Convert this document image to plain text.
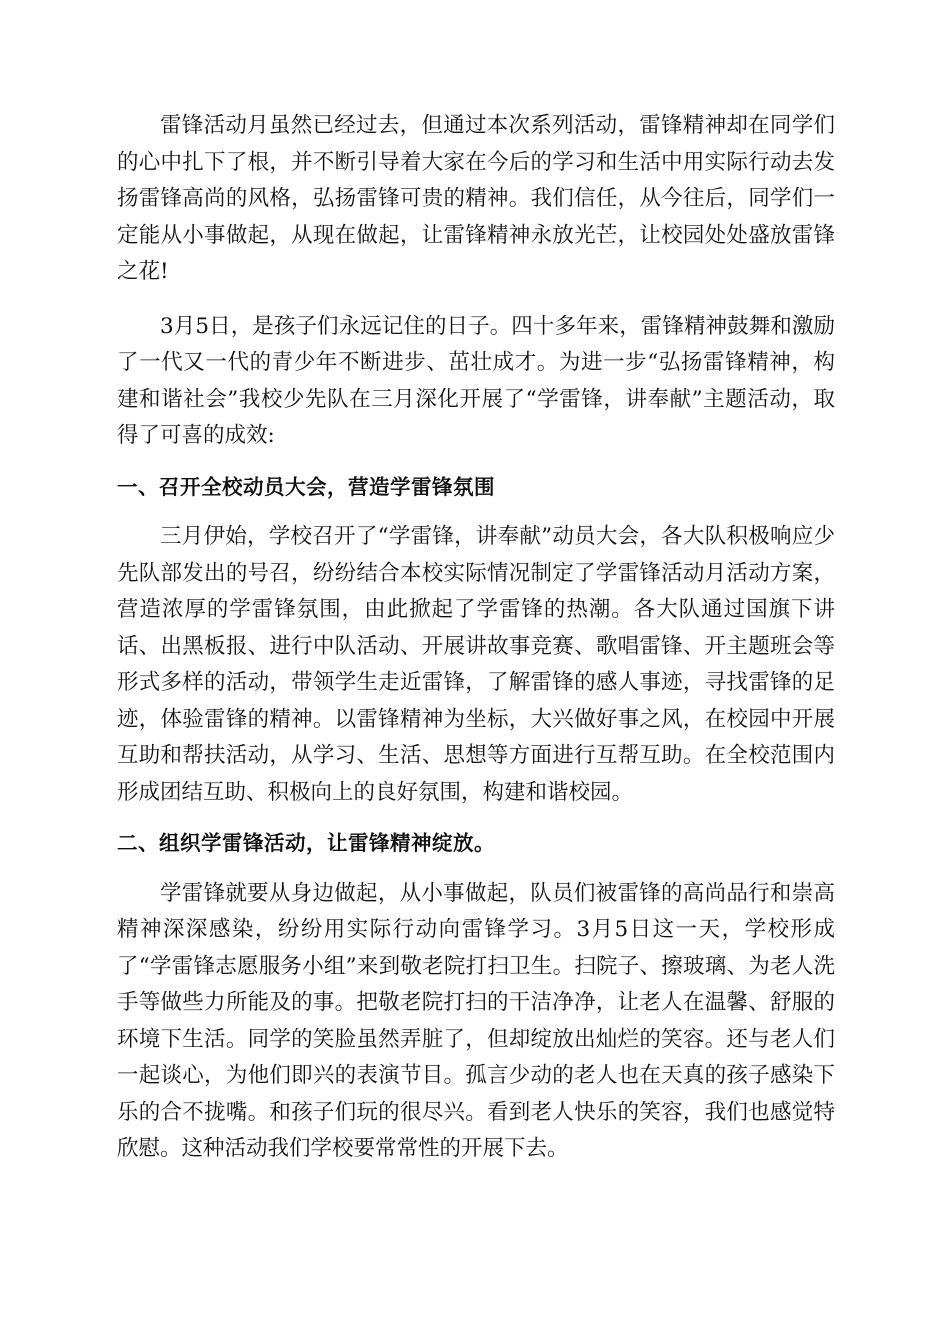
雷锋活动月虽然已经过去，但通过本次系列活动，雷锋精神却在同学们的心中扎下了根，并不断引导着大家在今后的学习和生活中用实际行动去发扬雷锋高尚的风格，弘扬雷锋可贵的精神。我们信任，从今往后，同学们一定能从小事做起，从现在做起，让雷锋精神永放光芒，让校园处处盛放雷锋之花!

3月5日，是孩子们永远记住的日子。四十多年来，雷锋精神鼓舞和激励了一代又一代的青少年不断进步、茁壮成才。为进一步“弘扬雷锋精神，构建和谐社会”我校少先队在三月深化开展了“学雷锋，讲奉献”主题活动，取得了可喜的成效:

一、召开全校动员大会，营造学雷锋氛围

三月伊始，学校召开了“学雷锋，讲奉献”动员大会，各大队积极响应少先队部发出的号召，纷纷结合本校实际情况制定了学雷锋活动月活动方案，营造浓厚的学雷锋氛围，由此掀起了学雷锋的热潮。各大队通过国旗下讲话、出黑板报、进行中队活动、开展讲故事竞赛、歌唱雷锋、开主题班会等形式多样的活动，带领学生走近雷锋，了解雷锋的感人事迹，寻找雷锋的足迹，体验雷锋的精神。以雷锋精神为坐标，大兴做好事之风，在校园中开展互助和帮扶活动，从学习、生活、思想等方面进行互帮互助。在全校范围内形成团结互助、积极向上的良好氛围，构建和谐校园。

二、组织学雷锋活动，让雷锋精神绽放。

学雷锋就要从身边做起，从小事做起，队员们被雷锋的高尚品行和崇高精神深深感染，纷纷用实际行动向雷锋学习。3月5日这一天，学校形成了“学雷锋志愿服务小组”来到敬老院打扫卫生。扫院子、擦玻璃、为老人洗手等做些力所能及的事。把敬老院打扫的干洁净净，让老人在温馨、舒服的环境下生活。同学的笑脸虽然弄脏了，但却绽放出灿烂的笑容。还与老人们一起谈心，为他们即兴的表演节目。孤言少动的老人也在天真的孩子感染下乐的合不拢嘴。和孩子们玩的很尽兴。看到老人快乐的笑容，我们也感觉特欣慰。这种活动我们学校要常常性的开展下去。
